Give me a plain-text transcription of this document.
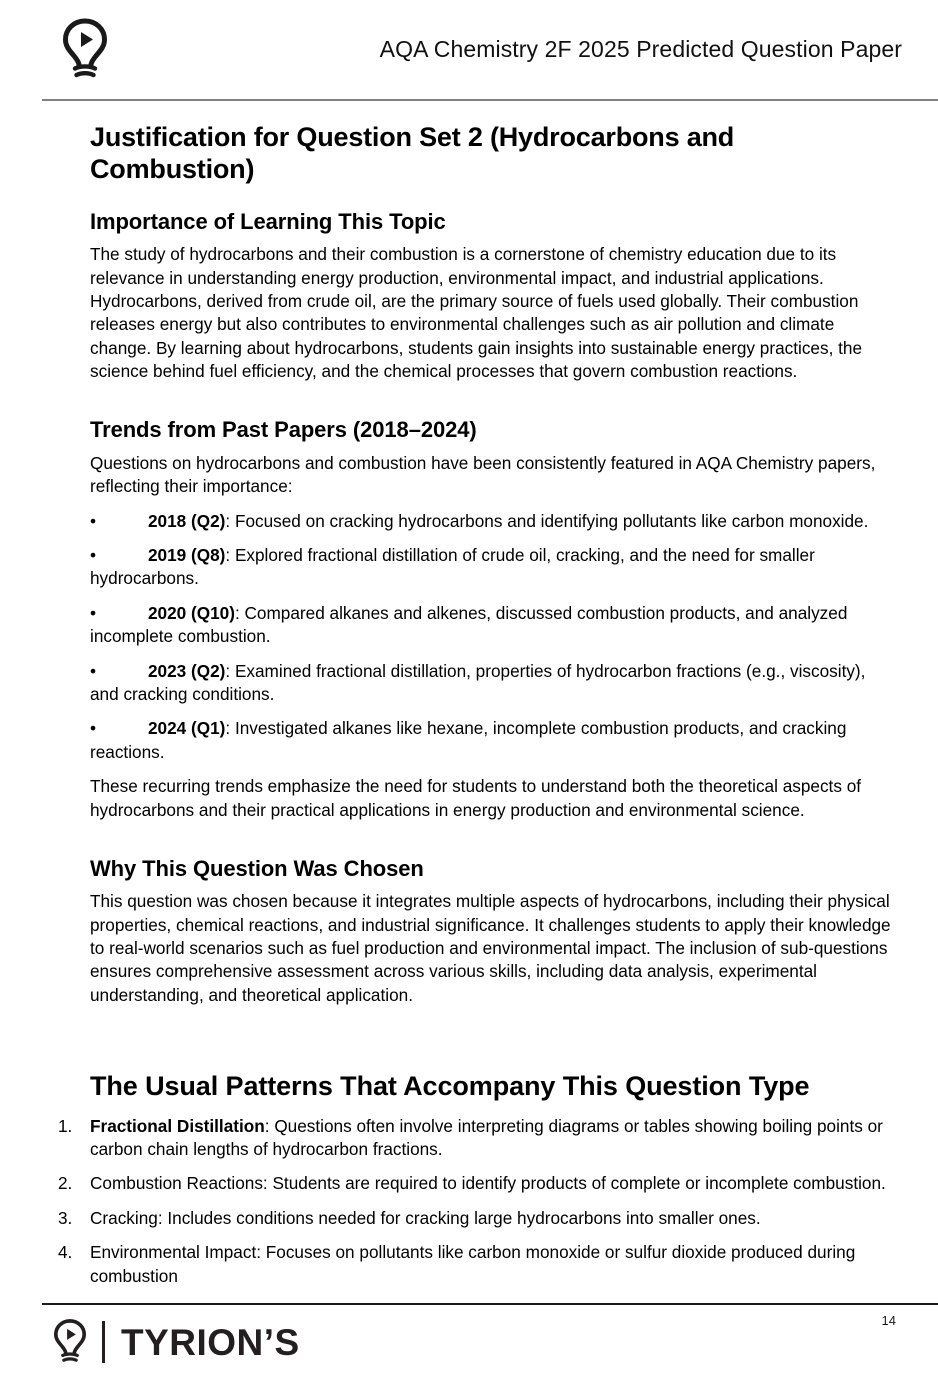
AQA Chemistry 2F 2025 Predicted Question Paper
Justification for Question Set 2 (Hydrocarbons and Combustion)
Importance of Learning This Topic

The study of hydrocarbons and their combustion is a cornerstone of chemistry education due to its relevance in understanding energy production, environmental impact, and industrial applications. Hydrocarbons, derived from crude oil, are the primary source of fuels used globally. Their combustion releases energy but also contributes to environmental challenges such as air pollution and climate change. By learning about hydrocarbons, students gain insights into sustainable energy practices, the science behind fuel efficiency, and the chemical processes that govern combustion reactions.

Trends from Past Papers (2018–2024)

Questions on hydrocarbons and combustion have been consistently featured in AQA Chemistry papers, reflecting their importance:

•	2018 (Q2): Focused on cracking hydrocarbons and identifying pollutants like carbon monoxide.

•	2019 (Q8): Explored fractional distillation of crude oil, cracking, and the need for smaller hydrocarbons.

•	2020 (Q10): Compared alkanes and alkenes, discussed combustion products, and analyzed incomplete combustion.

•	2023 (Q2): Examined fractional distillation, properties of hydrocarbon fractions (e.g., viscosity), and cracking conditions.

•	2024 (Q1): Investigated alkanes like hexane, incomplete combustion products, and cracking reactions.

These recurring trends emphasize the need for students to understand both the theoretical aspects of hydrocarbons and their practical applications in energy production and environmental science.

Why This Question Was Chosen

This question was chosen because it integrates multiple aspects of hydrocarbons, including their physical properties, chemical reactions, and industrial significance. It challenges students to apply their knowledge to real-world scenarios such as fuel production and environmental impact. The inclusion of sub-questions ensures comprehensive assessment across various skills, including data analysis, experimental understanding, and theoretical application.

The Usual Patterns That Accompany This Question Type
1.	Fractional Distillation: Questions often involve interpreting diagrams or tables showing boiling points or carbon chain lengths of hydrocarbon fractions.
2.	Combustion Reactions: Students are required to identify products of complete or incomplete combustion.
3.	Cracking: Includes conditions needed for cracking large hydrocarbons into smaller ones.
4.	Environmental Impact: Focuses on pollutants like carbon monoxide or sulfur dioxide produced during combustion
14
TYRION’S
